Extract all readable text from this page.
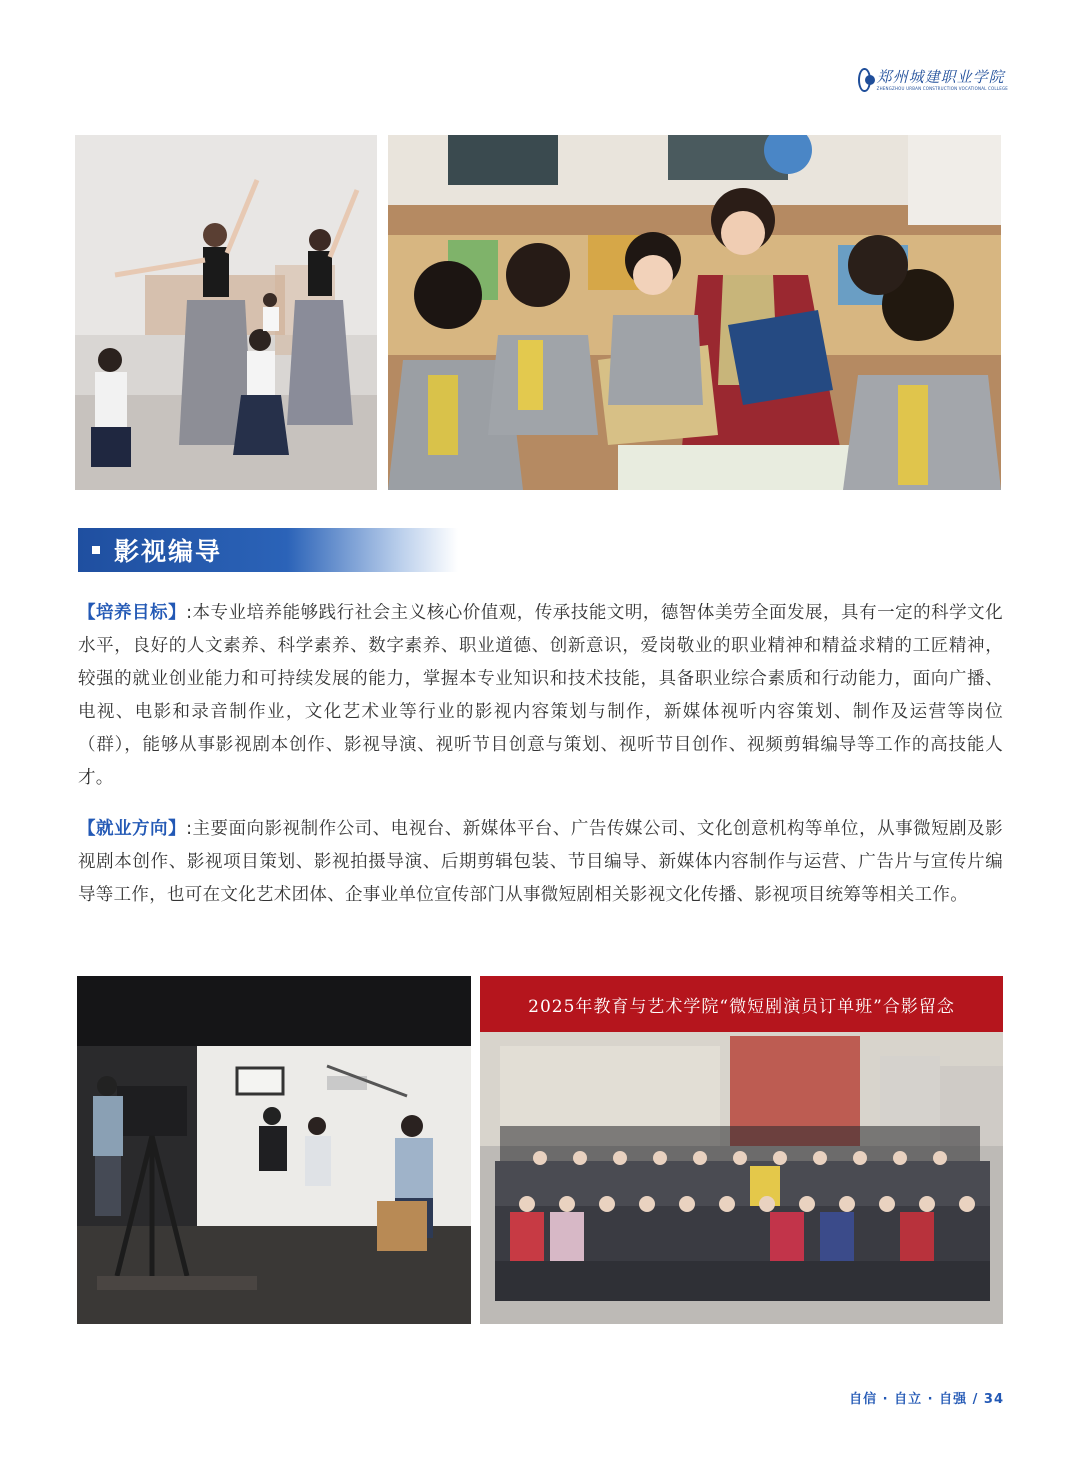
郑州城建职业学院
ZHENGZHOU URBAN CONSTRUCTION VOCATIONAL COLLEGE
影视编导

【培养目标】:本专业培养能够践行社会主义核心价值观，传承技能文明，德智体美劳全面发展，具有一定的科学文化水平，良好的人文素养、科学素养、数字素养、职业道德、创新意识，爱岗敬业的职业精神和精益求精的工匠精神，较强的就业创业能力和可持续发展的能力，掌握本专业知识和技术技能，具备职业综合素质和行动能力，面向广播、电视、电影和录音制作业，文化艺术业等行业的影视内容策划与制作，新媒体视听内容策划、制作及运营等岗位（群），能够从事影视剧本创作、影视导演、视听节目创意与策划、视听节目创作、视频剪辑编导等工作的高技能人才。

【就业方向】:主要面向影视制作公司、电视台、新媒体平台、广告传媒公司、文化创意机构等单位，从事微短剧及影视剧本创作、影视项目策划、影视拍摄导演、后期剪辑包装、节目编导、新媒体内容制作与运营、广告片与宣传片编导等工作，也可在文化艺术团体、企事业单位宣传部门从事微短剧相关影视文化传播、影视项目统筹等相关工作。

2025年教育与艺术学院“微短剧演员订单班”合影留念
自信 · 自立 · 自强 / 34
